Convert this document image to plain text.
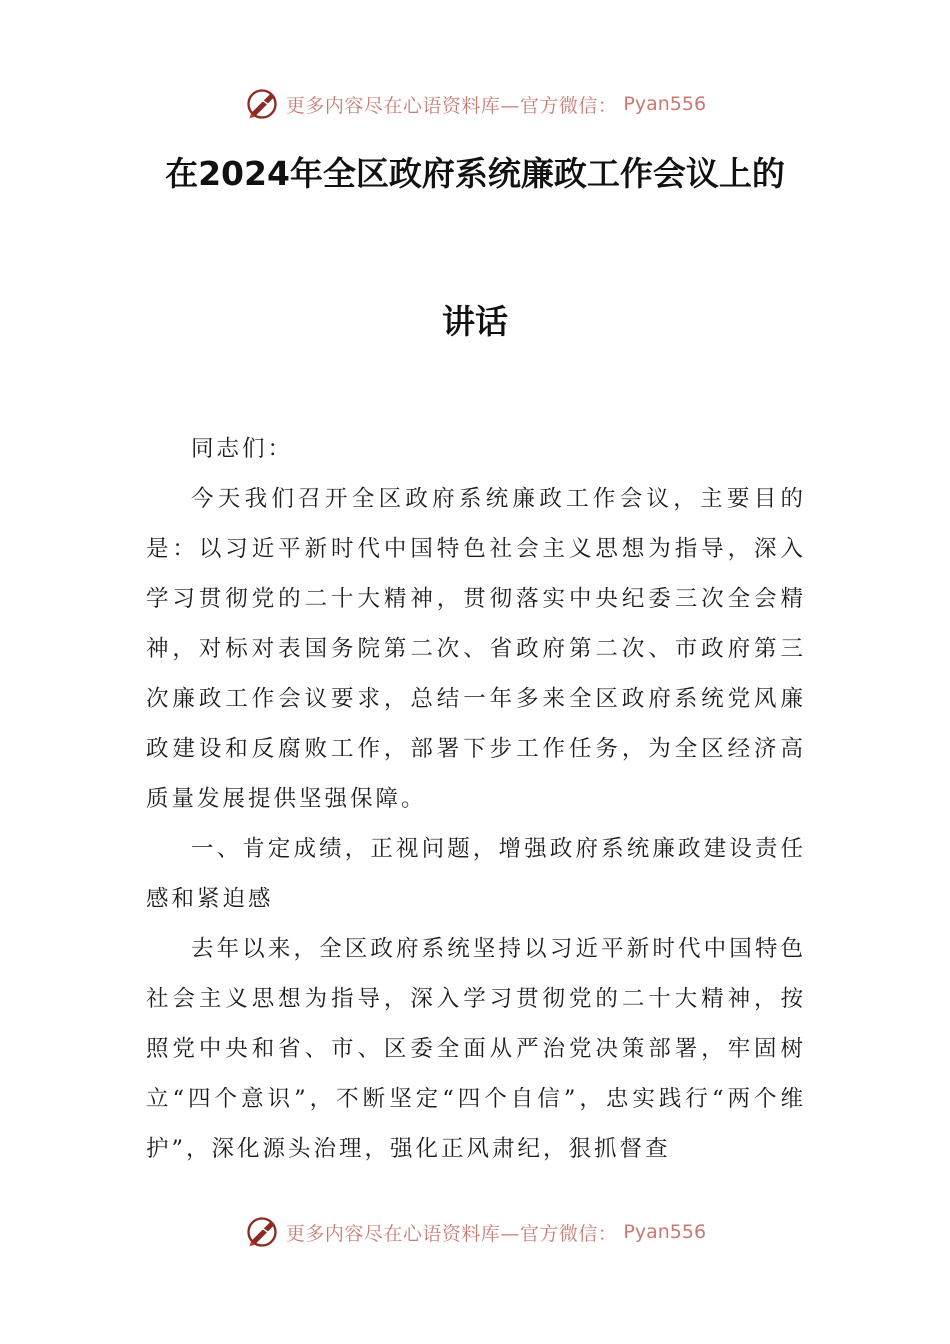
更多内容尽在心语资料库—官方微信： Pyan556
在2024年全区政府系统廉政工作会议上的
讲话

同志们：

今天我们召开全区政府系统廉政工作会议，主要目的是：以习近平新时代中国特色社会主义思想为指导，深入学习贯彻党的二十大精神，贯彻落实中央纪委三次全会精神，对标对表国务院第二次、省政府第二次、市政府第三次廉政工作会议要求，总结一年多来全区政府系统党风廉政建设和反腐败工作，部署下步工作任务，为全区经济高质量发展提供坚强保障。

一、肯定成绩，正视问题，增强政府系统廉政建设责任感和紧迫感

去年以来，全区政府系统坚持以习近平新时代中国特色社会主义思想为指导，深入学习贯彻党的二十大精神，按照党中央和省、市、区委全面从严治党决策部署，牢固树立“四个意识”，不断坚定“四个自信”，忠实践行“两个维护”，深化源头治理，强化正风肃纪，狠抓督查

更多内容尽在心语资料库—官方微信： Pyan556
